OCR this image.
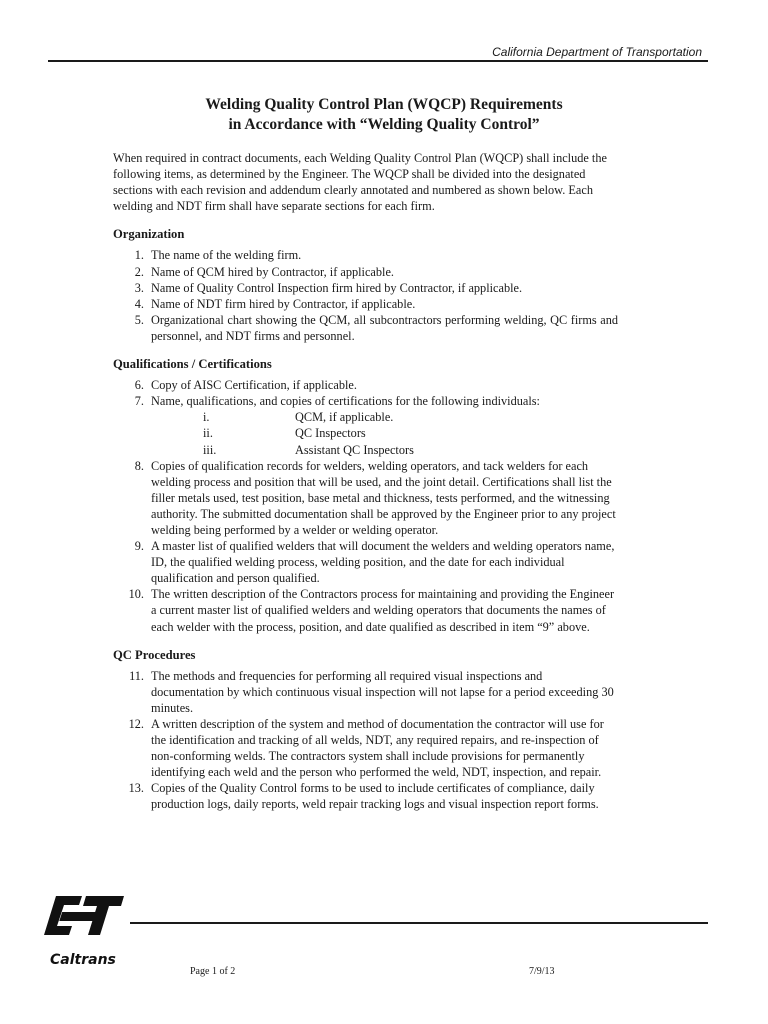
California Department of Transportation
Welding Quality Control Plan (WQCP) Requirements
in Accordance with “Welding Quality Control”

When required in contract documents, each Welding Quality Control Plan (WQCP) shall include the following items, as determined by the Engineer. The WQCP shall be divided into the designated sections with each revision and addendum clearly annotated and numbered as shown below. Each welding and NDT firm shall have separate sections for each firm.

Organization
1. The name of the welding firm.
2. Name of QCM hired by Contractor, if applicable.
3. Name of Quality Control Inspection firm hired by Contractor, if applicable.
4. Name of NDT firm hired by Contractor, if applicable.
5. Organizational chart showing the QCM, all subcontractors performing welding, QC firms and personnel, and NDT firms and personnel.
Qualifications / Certifications
6. Copy of AISC Certification, if applicable.
7. Name, qualifications, and copies of certifications for the following individuals:
i.	QCM, if applicable.
ii.	QC Inspectors
iii.	Assistant QC Inspectors
8. Copies of qualification records for welders, welding operators, and tack welders for each welding process and position that will be used, and the joint detail. Certifications shall list the filler metals used, test position, base metal and thickness, tests performed, and the witnessing authority. The submitted documentation shall be approved by the Engineer prior to any project welding being performed by a welder or welding operator.
9. A master list of qualified welders that will document the welders and welding operators name, ID, the qualified welding process, welding position, and the date for each individual qualification and person qualified.
10. The written description of the Contractors process for maintaining and providing the Engineer a current master list of qualified welders and welding operators that documents the names of each welder with the process, position, and date qualified as described in item “9” above.
QC Procedures
11. The methods and frequencies for performing all required visual inspections and documentation by which continuous visual inspection will not lapse for a period exceeding 30 minutes.
12. A written description of the system and method of documentation the contractor will use for the identification and tracking of all welds, NDT, any required repairs, and re-inspection of non-conforming welds. The contractors system shall include provisions for permanently identifying each weld and the person who performed the weld, NDT, inspection, and repair.
13. Copies of the Quality Control forms to be used to include certificates of compliance, daily production logs, daily reports, weld repair tracking logs and visual inspection report forms.
Caltrans
Page 1 of 2	7/9/13
